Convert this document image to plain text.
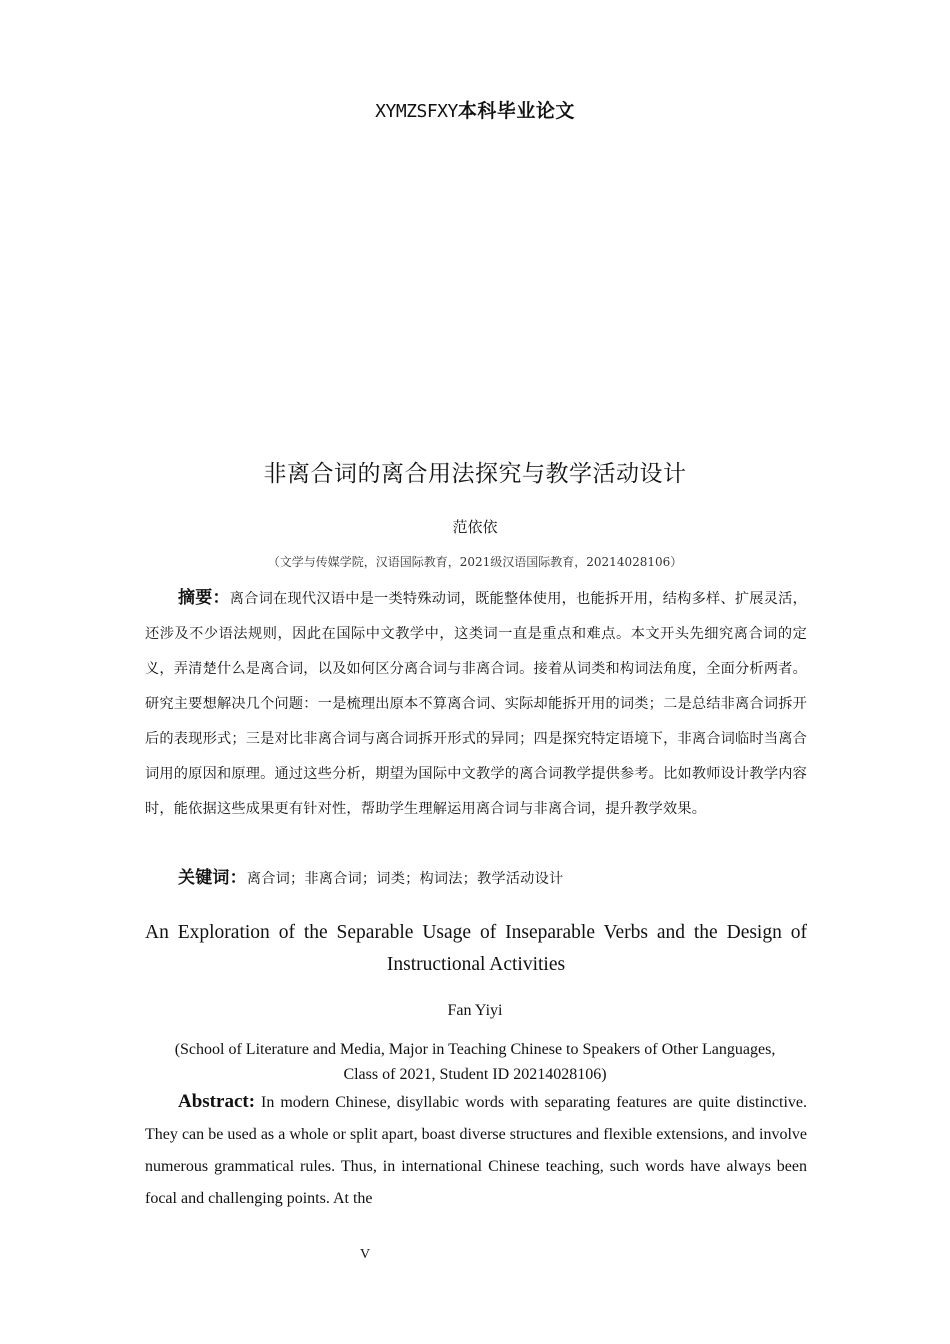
XYMZSFXY本科毕业论文
非离合词的离合用法探究与教学活动设计
范依依
（文学与传媒学院，汉语国际教育，2021级汉语国际教育，20214028106）
摘要：离合词在现代汉语中是一类特殊动词，既能整体使用，也能拆开用，结构多样、扩展灵活，还涉及不少语法规则，因此在国际中文教学中，这类词一直是重点和难点。本文开头先细究离合词的定义，弄清楚什么是离合词，以及如何区分离合词与非离合词。接着从词类和构词法角度，全面分析两者。研究主要想解决几个问题：一是梳理出原本不算离合词、实际却能拆开用的词类；二是总结非离合词拆开后的表现形式；三是对比非离合词与离合词拆开形式的异同；四是探究特定语境下，非离合词临时当离合词用的原因和原理。通过这些分析，期望为国际中文教学的离合词教学提供参考。比如教师设计教学内容时，能依据这些成果更有针对性，帮助学生理解运用离合词与非离合词，提升教学效果。
关键词：离合词；非离合词；词类；构词法；教学活动设计
An Exploration of the Separable Usage of Inseparable Verbs and the Design of Instructional Activities
Fan Yiyi
(School of Literature and Media, Major in Teaching Chinese to Speakers of Other Languages, Class of 2021, Student ID 20214028106)
Abstract: In modern Chinese, disyllabic words with separating features are quite distinctive. They can be used as a whole or split apart, boast diverse structures and flexible extensions, and involve numerous grammatical rules. Thus, in international Chinese teaching, such words have always been focal and challenging points. At the
V
